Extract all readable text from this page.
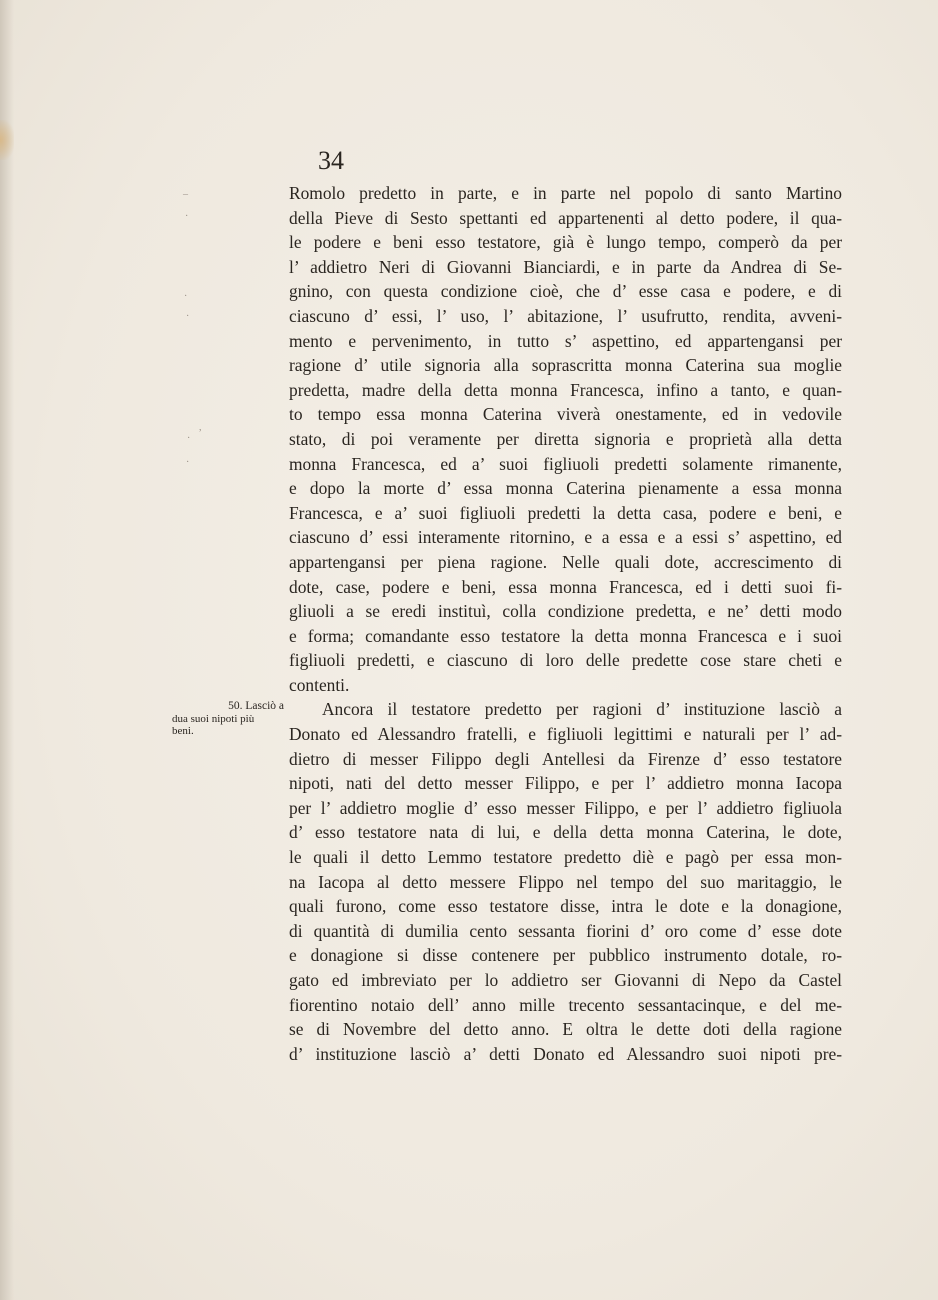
–
·
·
·
,
·
·
34
Romolo predetto in parte, e in parte nel popolo di santo Martino
della Pieve di Sesto spettanti ed appartenenti al detto podere, il qua-
le podere e beni esso testatore, già è lungo tempo, comperò da per
l’ addietro Neri di Giovanni Bianciardi, e in parte da Andrea di Se-
gnino, con questa condizione cioè, che d’ esse casa e podere, e di
ciascuno d’ essi, l’ uso, l’ abitazione, l’ usufrutto, rendita, avveni-
mento e pervenimento, in tutto s’ aspettino, ed appartengansi per
ragione d’ utile signoria alla soprascritta monna Caterina sua moglie
predetta, madre della detta monna Francesca, infino a tanto, e quan-
to tempo essa monna Caterina viverà onestamente, ed in vedovile
stato, di poi veramente per diretta signoria e proprietà alla detta
monna Francesca, ed a’ suoi figliuoli predetti solamente rimanente,
e dopo la morte d’ essa monna Caterina pienamente a essa monna
Francesca, e a’ suoi figliuoli predetti la detta casa, podere e beni, e
ciascuno d’ essi interamente ritornino, e a essa e a essi s’ aspettino, ed
appartengansi per piena ragione. Nelle quali dote, accrescimento di
dote, case, podere e beni, essa monna Francesca, ed i detti suoi fi-
gliuoli a se eredi instituì, colla condizione predetta, e ne’ detti modo
e forma; comandante esso testatore la detta monna Francesca e i suoi
figliuoli predetti, e ciascuno di loro delle predette cose stare cheti e
contenti.
Ancora il testatore predetto per ragioni d’ instituzione lasciò a
Donato ed Alessandro fratelli, e figliuoli legittimi e naturali per l’ ad-
dietro di messer Filippo degli Antellesi da Firenze d’ esso testatore
nipoti, nati del detto messer Filippo, e per l’ addietro monna Iacopa
per l’ addietro moglie d’ esso messer Filippo, e per l’ addietro figliuola
d’ esso testatore nata di lui, e della detta monna Caterina, le dote,
le quali il detto Lemmo testatore predetto diè e pagò per essa mon-
na Iacopa al detto messere Flippo nel tempo del suo maritaggio, le
quali furono, come esso testatore disse, intra le dote e la donagione,
di quantità di dumilia cento sessanta fiorini d’ oro come d’ esse dote
e donagione si disse contenere per pubblico instrumento dotale, ro-
gato ed imbreviato per lo addietro ser Giovanni di Nepo da Castel
fiorentino notaio dell’ anno mille trecento sessantacinque, e del me-
se di Novembre del detto anno. E oltra le dette doti della ragione
d’ instituzione lasciò a’ detti Donato ed Alessandro suoi nipoti pre-
50. Lasciò a
dua suoi nipoti più
beni.
